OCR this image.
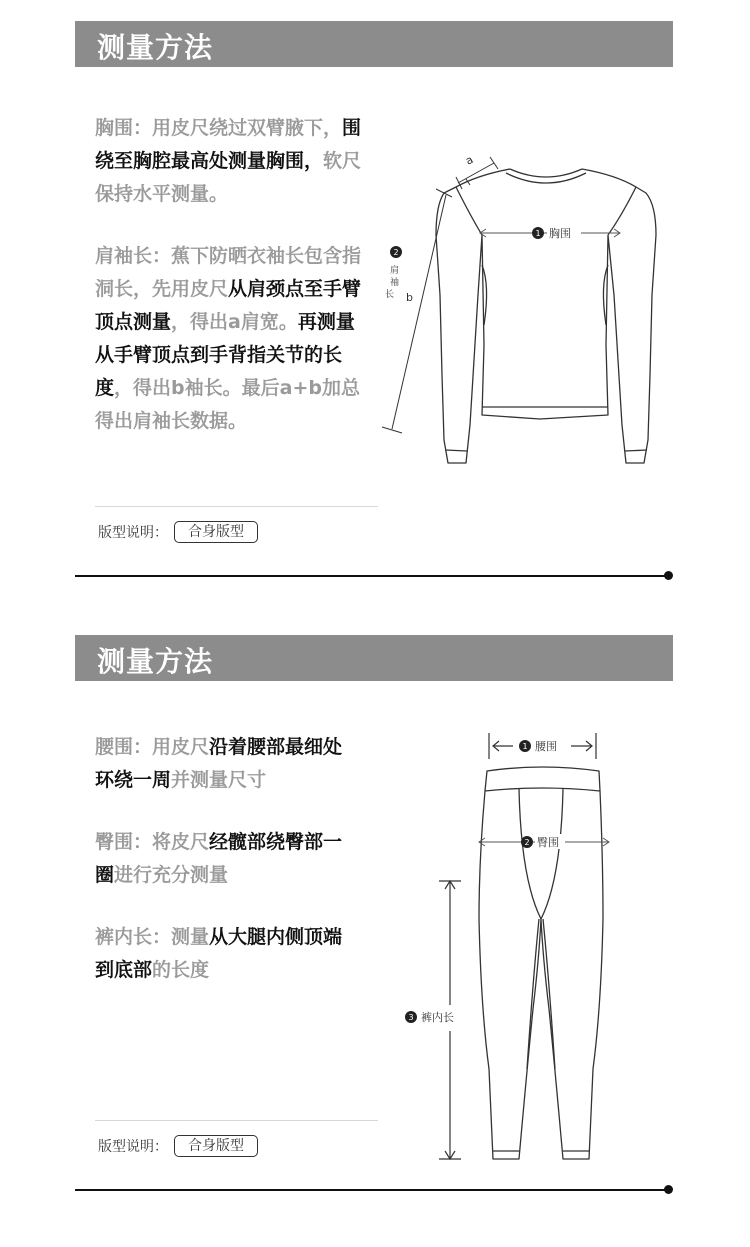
测量方法
胸围：用皮尺绕过双臂腋下，围绕至胸腔最高处测量胸围，软尺保持水平测量。
肩袖长：蕉下防晒衣袖长包含指洞长，先用皮尺从肩颈点至手臂顶点测量，得出a肩宽。再测量从手臂顶点到手背指关节的长度，得出b袖长。最后a+b加总得出肩袖长数据。
版型说明：	合身版型
1 胸围
a
2
肩
袖
长 b
测量方法
腰围：用皮尺沿着腰部最细处环绕一周并测量尺寸
臀围：将皮尺经髋部绕臀部一圈进行充分测量
裤内长：测量从大腿内侧顶端到底部的长度
版型说明：	合身版型
1 腰围
2 臀围
3 裤内长
